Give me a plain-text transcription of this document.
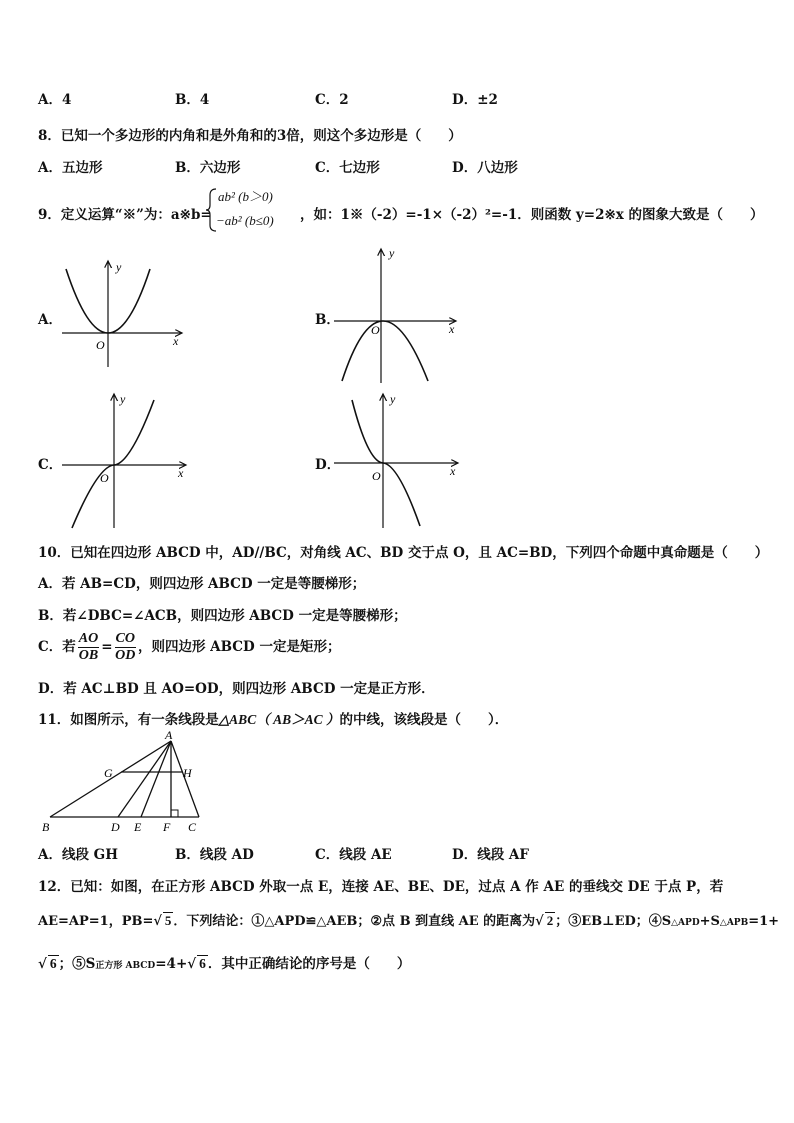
A．4	B．4	C．2	D．±2
8．已知一个多边形的内角和是外角和的3倍，则这个多边形是（　　）
A．五边形	B．六边形	C．七边形	D．八边形
9．定义运算“※”为：a※b=
ab² (b＞0)
−ab² (b≤0) ，如：1※（-2）=-1×（-2）²=-1．则函数 y=2※x 的图象大致是（　　）
A．	B．
C．	D．
y
x
O
y
x
O
y
x
O
y
x
O
10．已知在四边形 ABCD 中，AD//BC，对角线 AC、BD 交于点 O，且 AC=BD，下列四个命题中真命题是（　　）
A．若 AB=CD，则四边形 ABCD 一定是等腰梯形；
B．若∠DBC=∠ACB，则四边形 ABCD 一定是等腰梯形；
C．若 $\frac{AO}{OB} = \frac{CO}{OD}$ ，则四边形 ABCD 一定是矩形；
D．若 AC⊥BD 且 AO=OD，则四边形 ABCD 一定是正方形．
11．如图所示，有一条线段是△ABC（ AB＞AC ）的中线，该线段是（　　）．
A
B	C
D E F
G	H
A．线段 GH	B．线段 AD	C．线段 AE	D．线段 AF
12．已知：如图，在正方形 ABCD 外取一点 E，连接 AE、BE、DE，过点 A 作 AE 的垂线交 DE 于点 P，若
AE=AP=1，PB=√ 5 ．下列结论：①△APD≌△AEB；②点 B 到直线 AE 的距离为√ 2 ；③EB⊥ED；④S△APD+S△APB=1+
√ 6 ；⑤S正方形 ABCD=4+√ 6 ．其中正确结论的序号是（　　）
